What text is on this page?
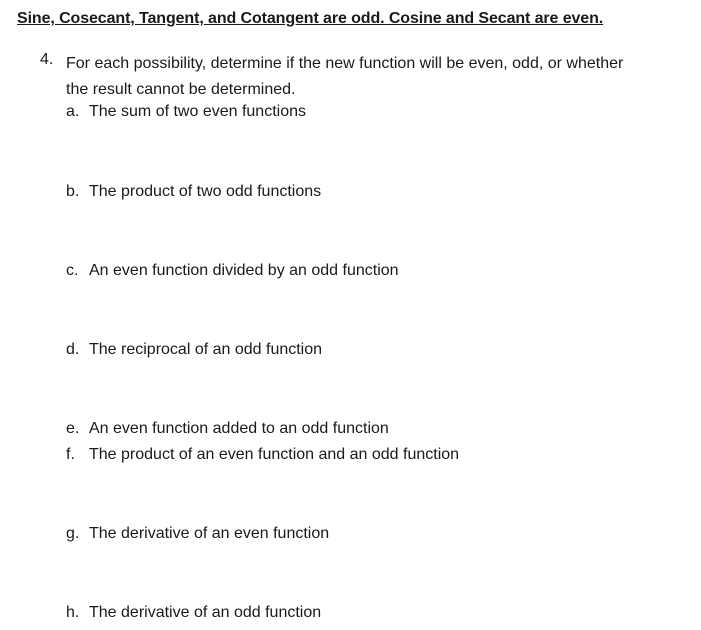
Sine, Cosecant, Tangent, and Cotangent are odd. Cosine and Secant are even.
4. For each possibility, determine if the new function will be even, odd, or whether the result cannot be determined.
a. The sum of two even functions
b. The product of two odd functions
c. An even function divided by an odd function
d. The reciprocal of an odd function
e. An even function added to an odd function
f. The product of an even function and an odd function
g. The derivative of an even function
h. The derivative of an odd function
